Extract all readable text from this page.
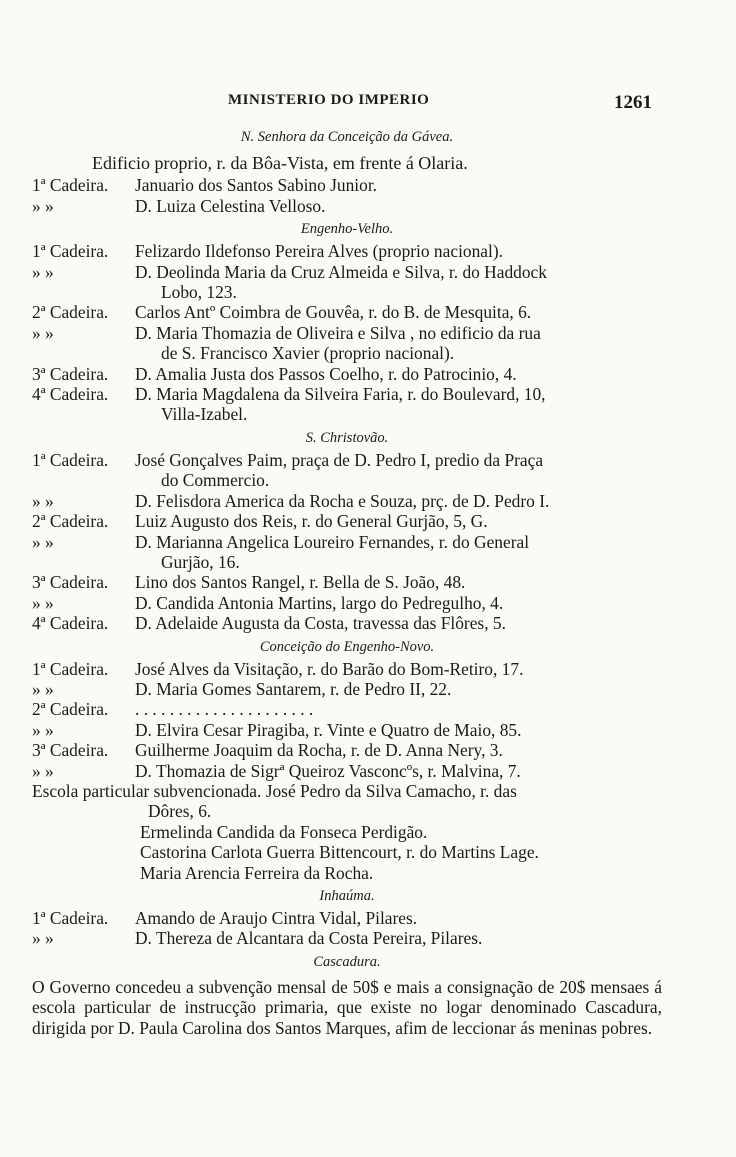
MINISTERIO DO IMPERIO	1261
N. Senhora da Conceição da Gávea.
Edificio proprio, r. da Bôa-Vista, em frente á Olaria.
1ª Cadeira. Januario dos Santos Sabino Junior.
» »	D. Luiza Celestina Velloso.
Engenho-Velho.
1ª Cadeira. Felizardo Ildefonso Pereira Alves (proprio nacional).
» »	D. Deolinda Maria da Cruz Almeida e Silva, r. do Haddock
Lobo, 123.
2ª Cadeira. Carlos Antº Coimbra de Gouvêa, r. do B. de Mesquita, 6.
» »	D. Maria Thomazia de Oliveira e Silva , no edificio da rua
de S. Francisco Xavier (proprio nacional).
3ª Cadeira. D. Amalia Justa dos Passos Coelho, r. do Patrocinio, 4.
4ª Cadeira. D. Maria Magdalena da Silveira Faria, r. do Boulevard, 10,
Villa-Izabel.
S. Christovão.
1ª Cadeira. José Gonçalves Paim, praça de D. Pedro I, predio da Praça
do Commercio.
» »	D. Felisdora America da Rocha e Souza, prç. de D. Pedro I.
2ª Cadeira. Luiz Augusto dos Reis, r. do General Gurjão, 5, G.
» »	D. Marianna Angelica Loureiro Fernandes, r. do General
Gurjão, 16.
3ª Cadeira. Lino dos Santos Rangel, r. Bella de S. João, 48.
» »	D. Candida Antonia Martins, largo do Pedregulho, 4.
4ª Cadeira. D. Adelaide Augusta da Costa, travessa das Flôres, 5.
Conceição do Engenho-Novo.
1ª Cadeira. José Alves da Visitação, r. do Barão do Bom-Retiro, 17.
» »	D. Maria Gomes Santarem, r. de Pedro II, 22.
2ª Cadeira. . . . . . . . . . . . . . . . . . . . . .
» »	D. Elvira Cesar Piragiba, r. Vinte e Quatro de Maio, 85.
3ª Cadeira. Guilherme Joaquim da Rocha, r. de D. Anna Nery, 3.
» »	D. Thomazia de Sigrª Queiroz Vasconcºs, r. Malvina, 7.
Escola particular subvencionada. José Pedro da Silva Camacho, r. das
Dôres, 6.
Ermelinda Candida da Fonseca Perdigão.
Castorina Carlota Guerra Bittencourt, r. do Martins Lage.
Maria Arencia Ferreira da Rocha.
Inhaúma.
1ª Cadeira. Amando de Araujo Cintra Vidal, Pilares.
» »	D. Thereza de Alcantara da Costa Pereira, Pilares.
Cascadura.

O Governo concedeu a subvenção mensal de 50$ e mais a consignação de 20$ mensaes á escola particular de instrucção primaria, que existe no logar denominado Cascadura, dirigida por D. Paula Carolina dos Santos Marques, afim de leccionar ás meninas pobres.
